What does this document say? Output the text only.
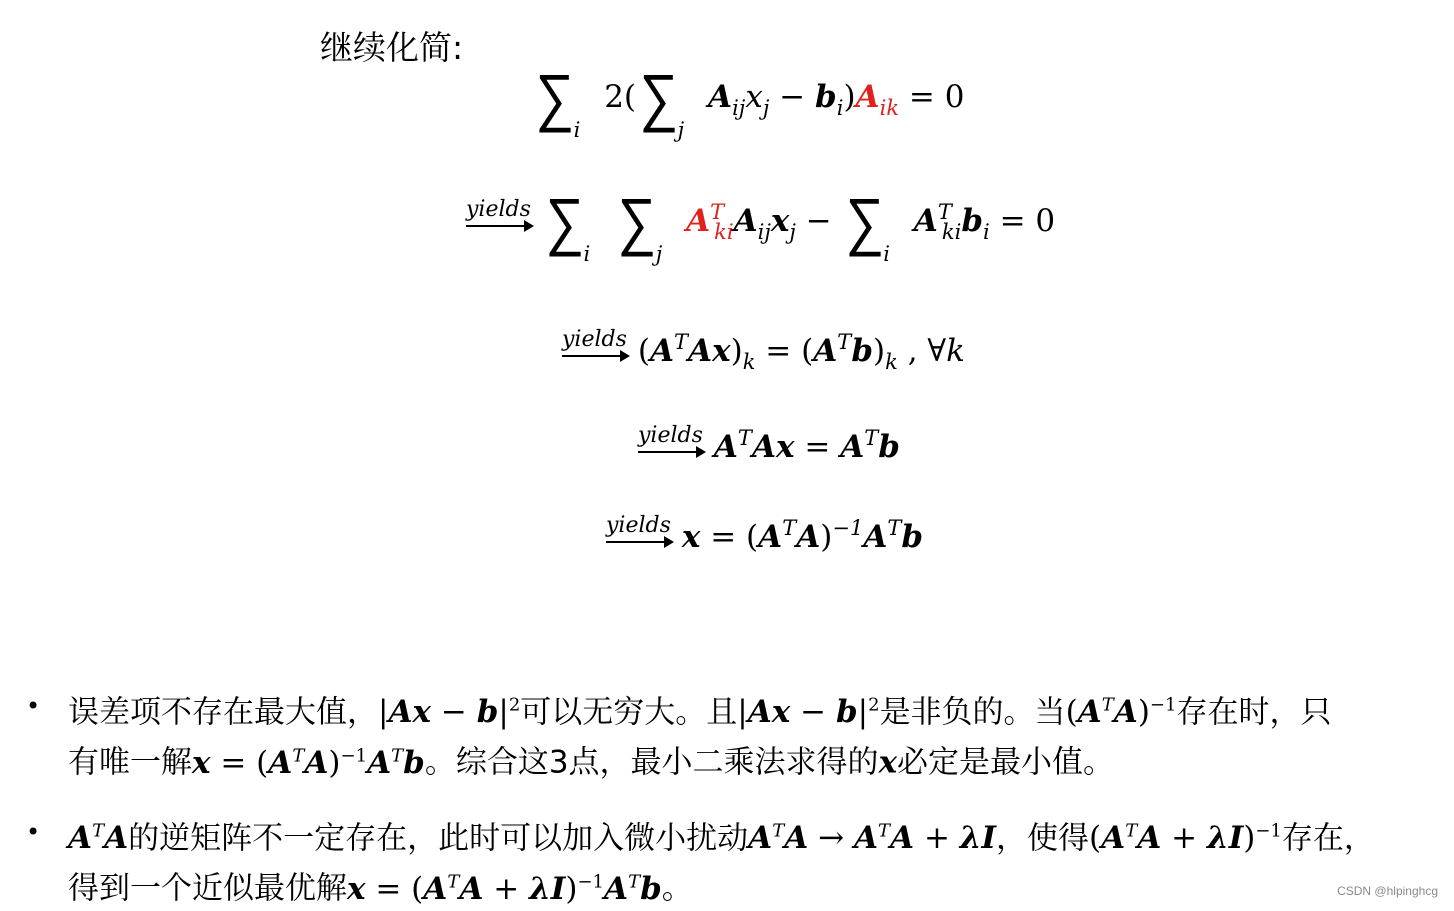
继续化简:
$\sum_i$ $2(\sum_j$ $A_{ij}x_j - b_i)A_{ik} = 0$
yields $\sum_i$ $\sum_j$ $A^T_{ki}A_{ij}x_j - \sum_i$ $A^T_{ki}b_i = 0$
yields $(A^TAx)_k = (A^Tb)_k$ , ∀k
yields $A^TAx = A^Tb$
yields $x = (A^TA)^{-1}A^Tb$
• 误差项不存在最大值，$|Ax - b|^2$可以无穷大。且$|Ax - b|^2$是非负的。当$(A^TA)^{-1}$存在时，只
有唯一解$x = (A^TA)^{-1}A^Tb$。综合这3点，最小二乘法求得的x必定是最小值。
• $A^TA$的逆矩阵不一定存在，此时可以加入微小扰动$A^TA \to A^TA + \lambda I$，使得$(A^TA + \lambda I)^{-1}$存在，
得到一个近似最优解$x = (A^TA + \lambda I)^{-1}A^Tb$。	CSDN @hlpinghcg
